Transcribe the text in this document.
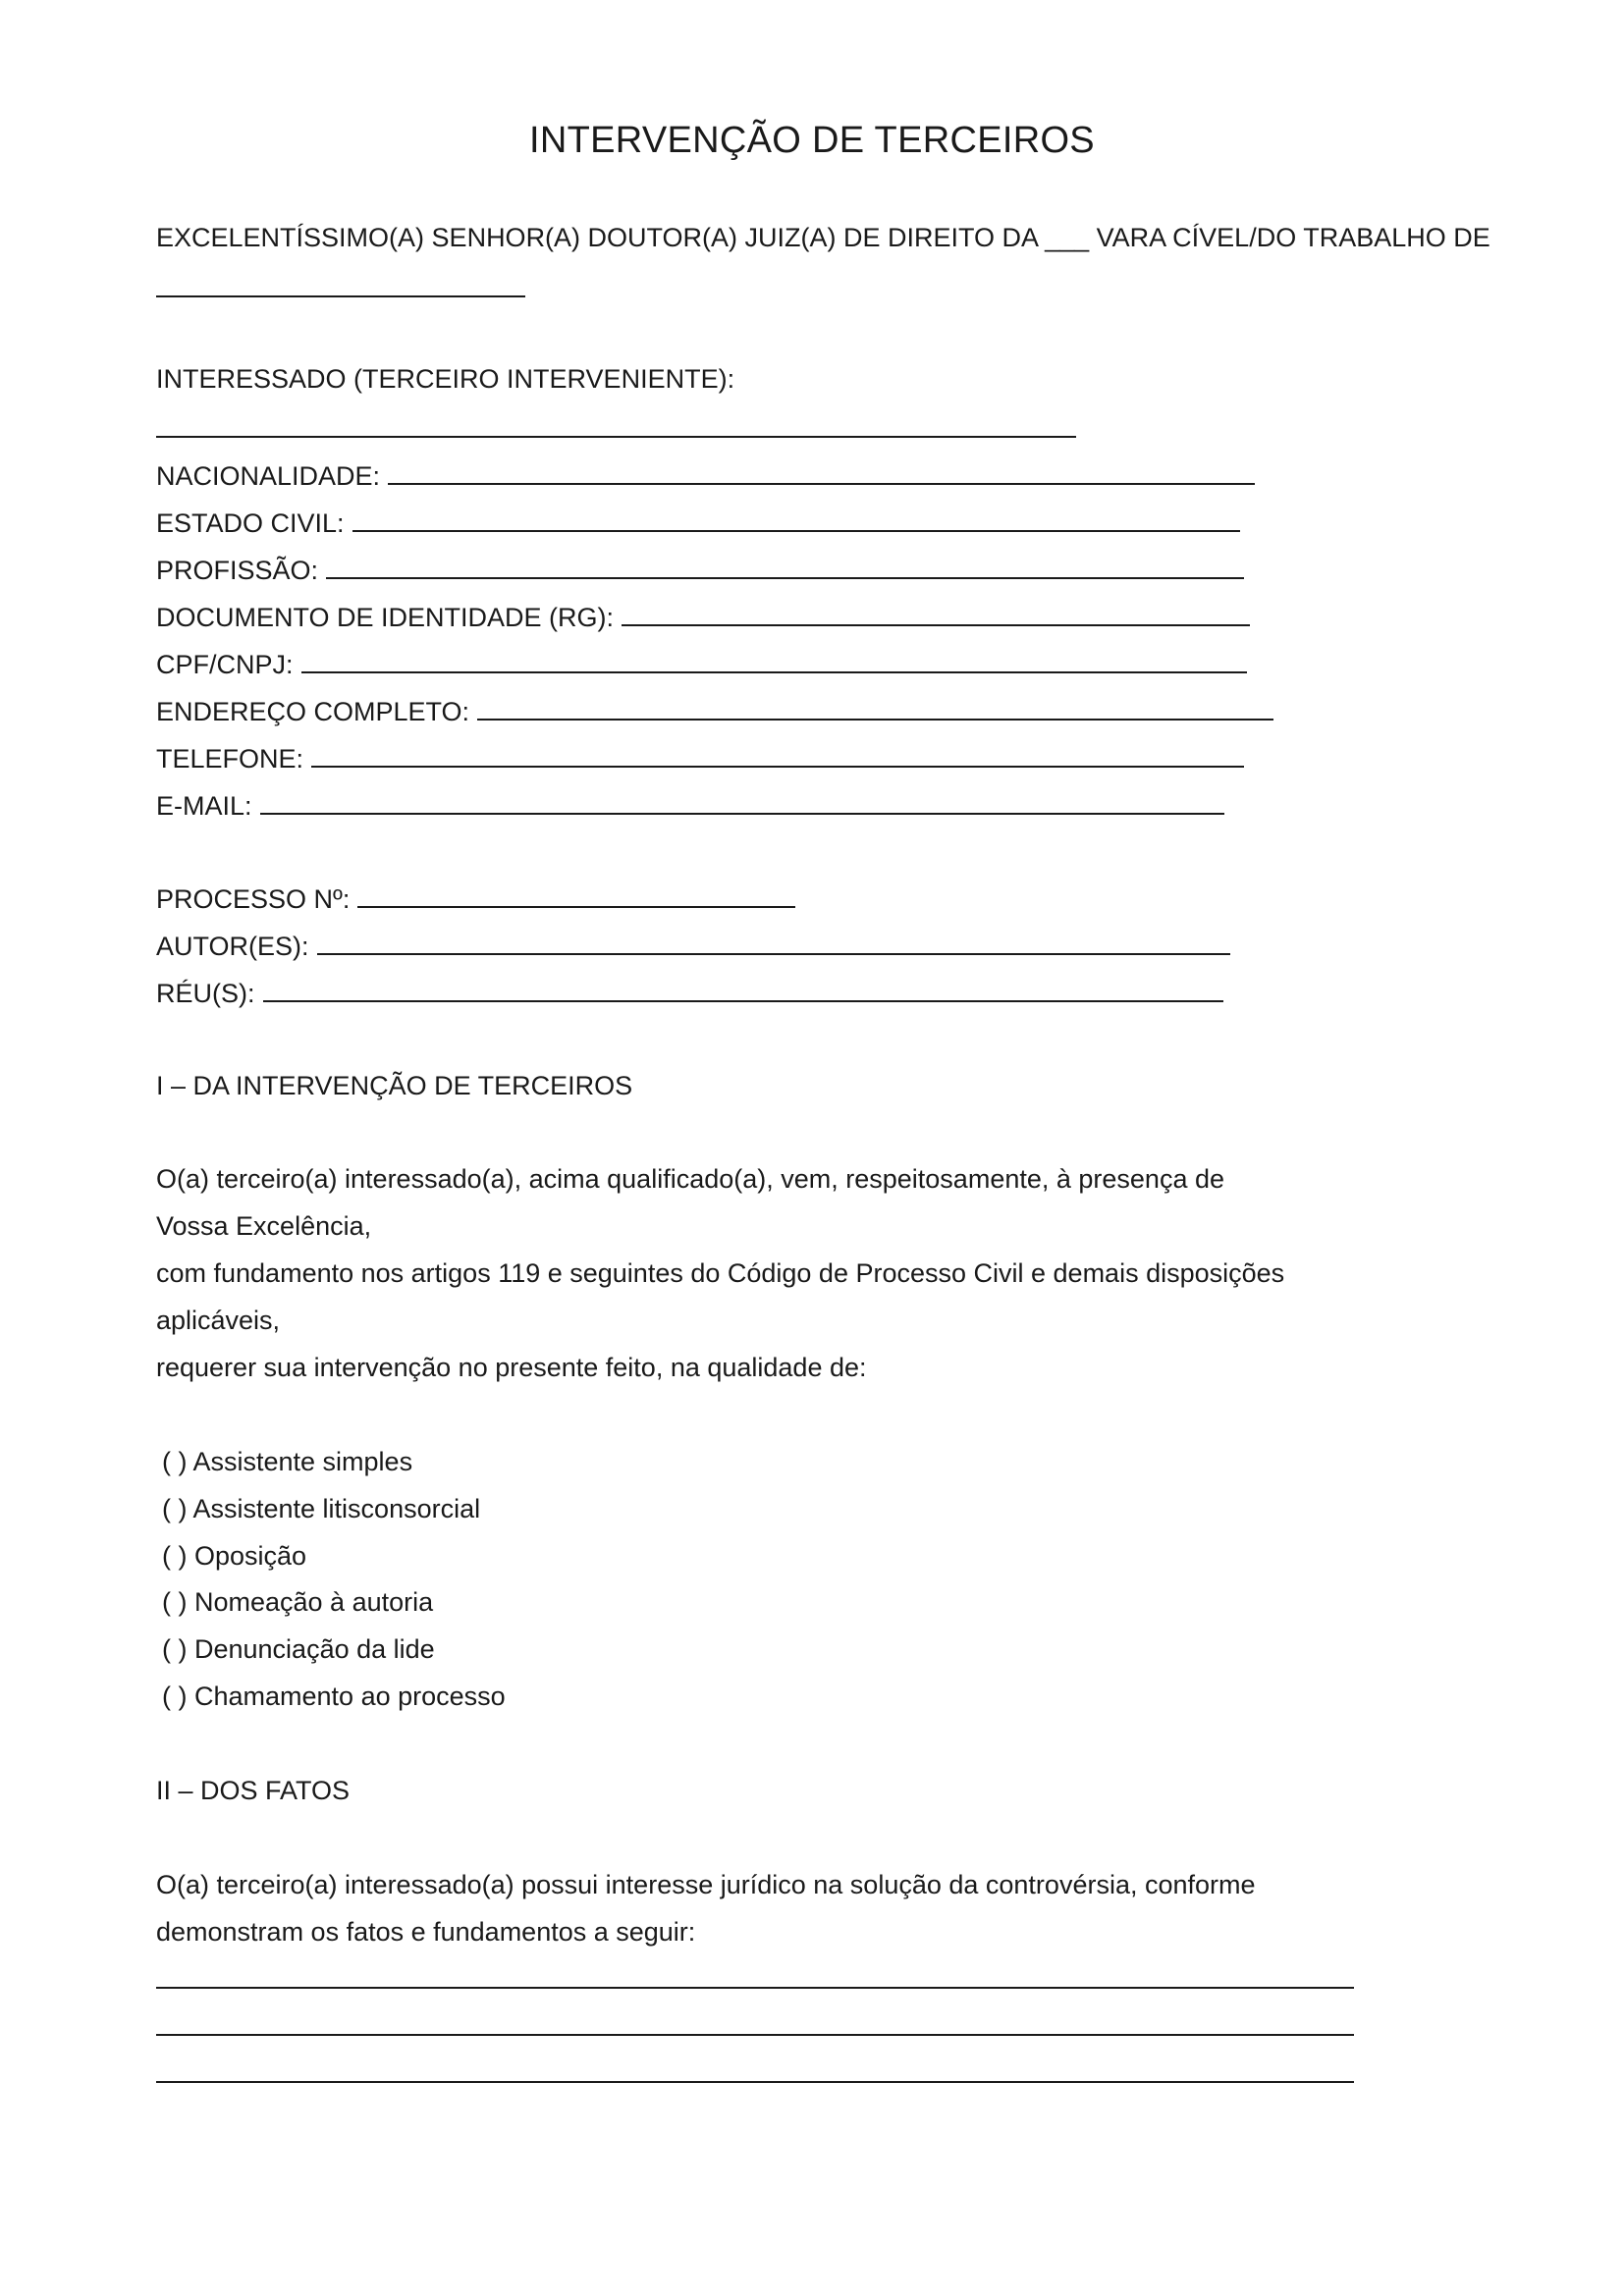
INTERVENÇÃO DE TERCEIROS
EXCELENTÍSSIMO(A) SENHOR(A) DOUTOR(A) JUIZ(A) DE DIREITO DA ___ VARA CÍVEL/DO TRABALHO DE
INTERESSADO (TERCEIRO INTERVENIENTE):
NACIONALIDADE:
ESTADO CIVIL:
PROFISSÃO:
DOCUMENTO DE IDENTIDADE (RG):
CPF/CNPJ:
ENDEREÇO COMPLETO:
TELEFONE:
E-MAIL:
PROCESSO Nº:
AUTOR(ES):
RÉU(S):
I – DA INTERVENÇÃO DE TERCEIROS
O(a) terceiro(a) interessado(a), acima qualificado(a), vem, respeitosamente, à presença de
Vossa Excelência,
com fundamento nos artigos 119 e seguintes do Código de Processo Civil e demais disposições
aplicáveis,
requerer sua intervenção no presente feito, na qualidade de:
( ) Assistente simples
( ) Assistente litisconsorcial
( ) Oposição
( ) Nomeação à autoria
( ) Denunciação da lide
( ) Chamamento ao processo
II – DOS FATOS
O(a) terceiro(a) interessado(a) possui interesse jurídico na solução da controvérsia, conforme
demonstram os fatos e fundamentos a seguir:
